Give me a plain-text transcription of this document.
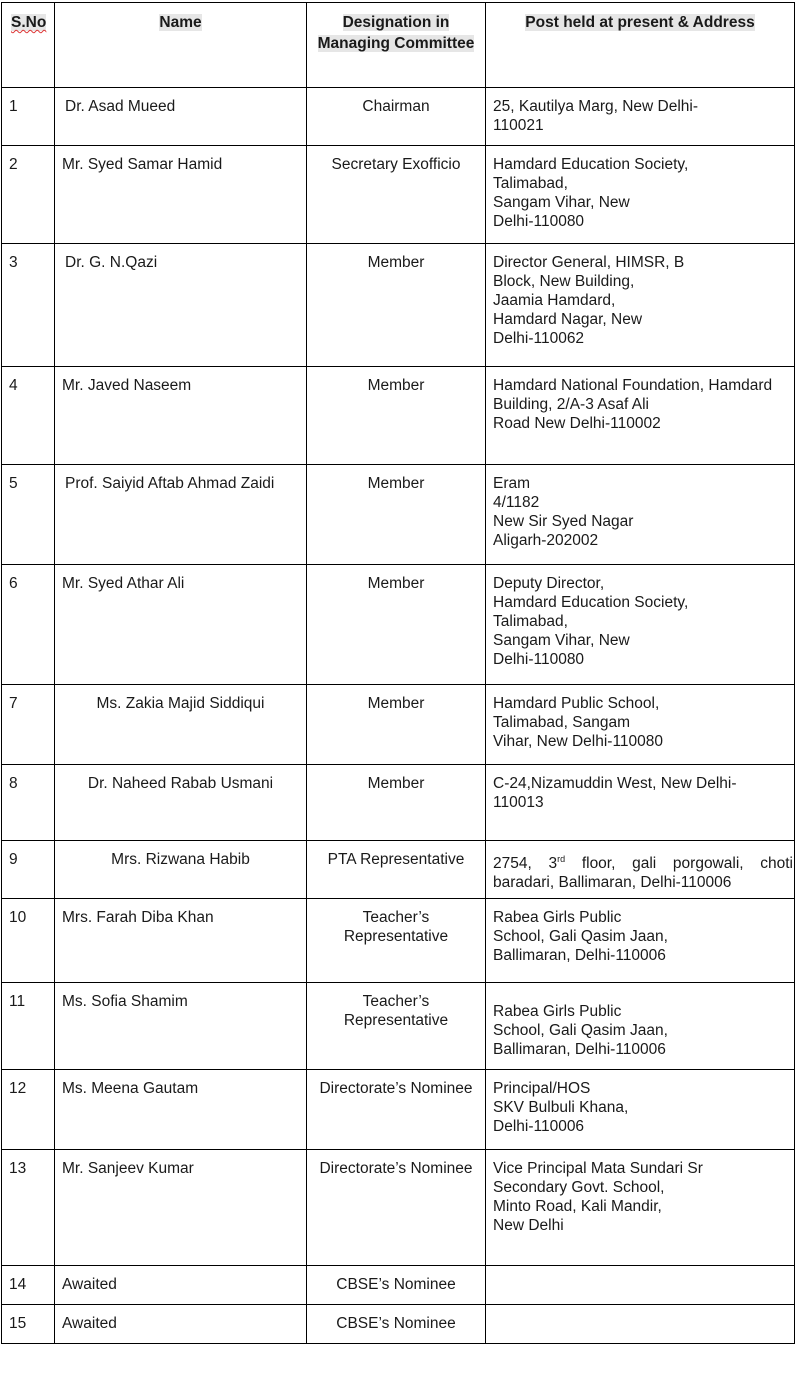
S.No	Name	Designation in Managing Committee	Post held at present & Address
1	Dr. Asad Mueed	Chairman	25, Kautilya Marg, New Delhi-
110021
2	Mr. Syed Samar Hamid	Secretary Exofficio	Hamdard Education Society,
Talimabad,
Sangam Vihar, New
Delhi-110080
3	Dr. G. N.Qazi	Member	Director General, HIMSR, B
Block, New Building,
Jaamia Hamdard,
Hamdard Nagar, New
Delhi-110062
4	Mr. Javed Naseem	Member	Hamdard National Foundation, Hamdard
Building, 2/A-3 Asaf Ali
Road New Delhi-110002
5	Prof. Saiyid Aftab Ahmad Zaidi	Member	Eram
4/1182
New Sir Syed Nagar
Aligarh-202002
6	Mr. Syed Athar Ali	Member	Deputy Director,
Hamdard Education Society,
Talimabad,
Sangam Vihar, New
Delhi-110080
7	Ms. Zakia Majid Siddiqui	Member	Hamdard Public School,
Talimabad, Sangam
Vihar, New Delhi-110080
8	Dr. Naheed Rabab Usmani	Member	C-24,Nizamuddin West, New Delhi-
110013
9	Mrs. Rizwana Habib	PTA Representative	2754, 3rd floor, gali porgowali, choti baradari, Ballimaran, Delhi-110006
10	Mrs. Farah Diba Khan	Teacher’s Representative	Rabea Girls Public
School, Gali Qasim Jaan,
Ballimaran, Delhi-110006
11	Ms. Sofia Shamim	Teacher’s Representative	Rabea Girls Public
School, Gali Qasim Jaan,
Ballimaran, Delhi-110006
12	Ms. Meena Gautam	Directorate’s Nominee	Principal/HOS
SKV Bulbuli Khana,
Delhi-110006
13	Mr. Sanjeev Kumar	Directorate’s Nominee	Vice Principal Mata Sundari Sr
Secondary Govt. School,
Minto Road, Kali Mandir,
New Delhi

14	Awaited	CBSE’s Nominee	
15	Awaited	CBSE’s Nominee	
